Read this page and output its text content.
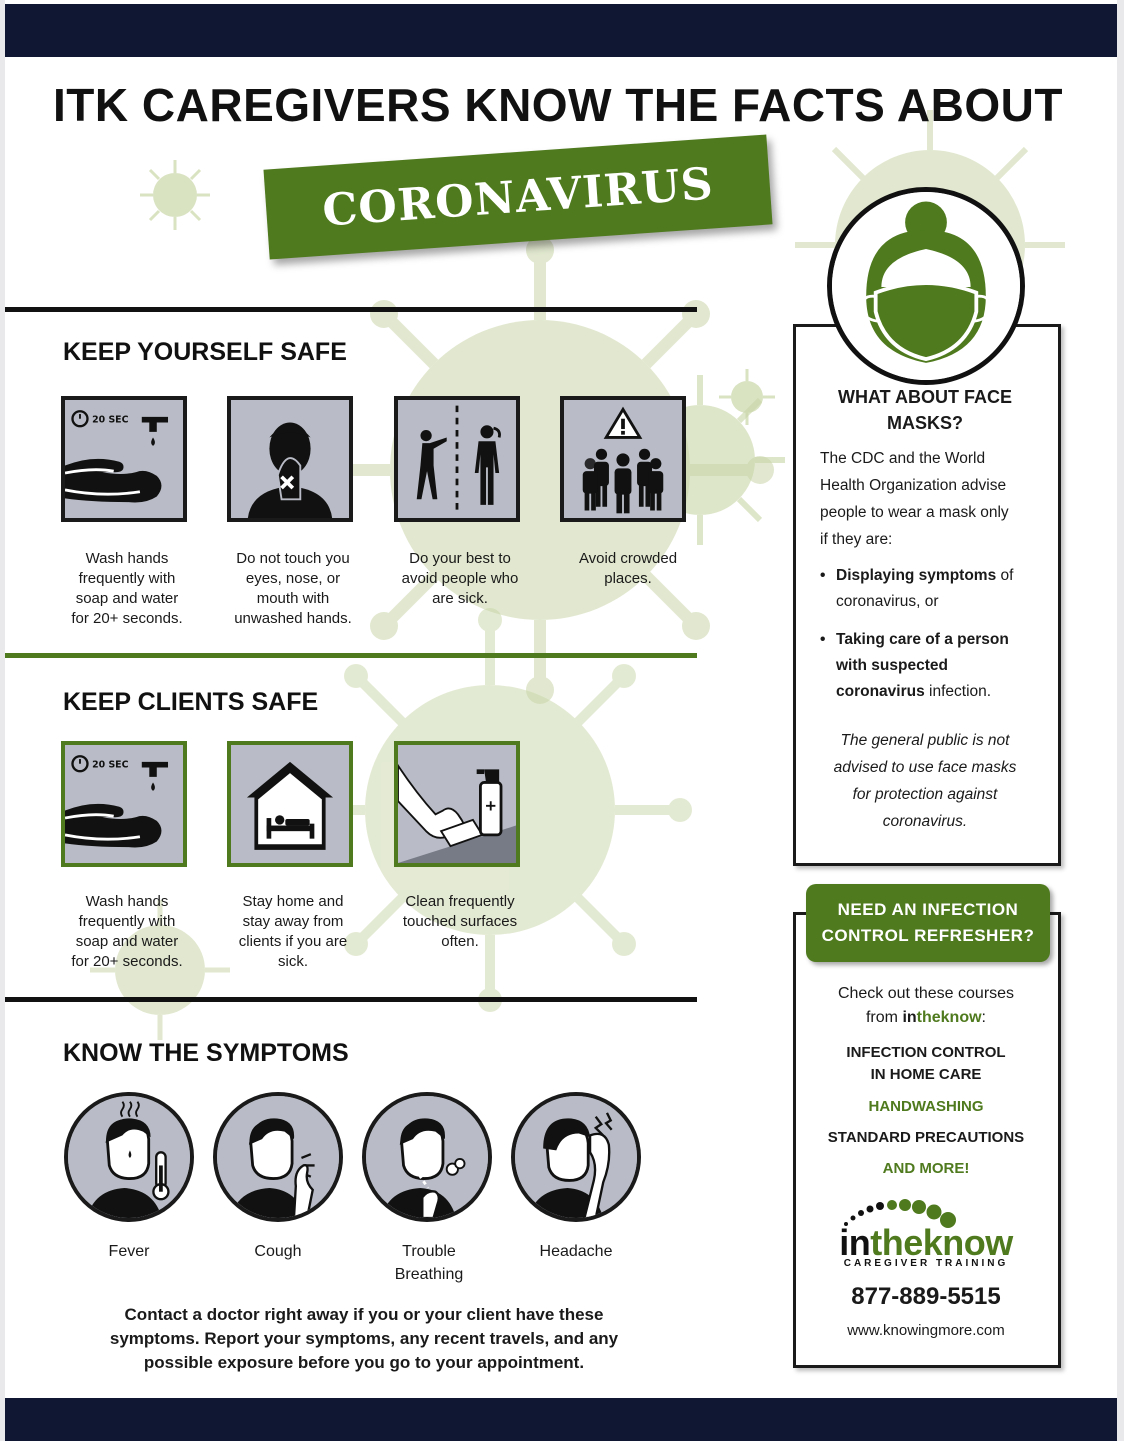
ITK CAREGIVERS KNOW THE FACTS ABOUT
CORONAVIRUS
KEEP YOURSELF SAFE
20 SEC
Wash hands
frequently with
soap and water
for 20+ seconds.
Do not touch you
eyes, nose, or
mouth with
unwashed hands.
Do your best to
avoid people who
are sick.
Avoid crowded
places.
KEEP CLIENTS SAFE
20 SEC
Wash hands
frequently with
soap and water
for 20+ seconds.
Stay home and
stay away from
clients if you are
sick.
Clean frequently
touched surfaces
often.
KNOW THE SYMPTOMS
Fever	Cough	Trouble
Breathing
Headache
Contact a doctor right away if you or your client have these
symptoms. Report your symptoms, any recent travels, and any
possible exposure before you go to your appointment.
WHAT ABOUT FACE
MASKS?
The CDC and the World
Health Organization advise
people to wear a mask only
if they are:
• Displaying symptoms of
coronavirus, or
• Taking care of a person
with suspected
coronavirus infection.
The general public is not
advised to use face masks
for protection against
coronavirus.
NEED AN INFECTION
CONTROL REFRESHER?
Check out these courses
from intheknow:
INFECTION CONTROL
IN HOME CARE
HANDWASHING
STANDARD PRECAUTIONS
AND MORE!
intheknow
CAREGIVER TRAINING
877-889-5515
www.knowingmore.com
